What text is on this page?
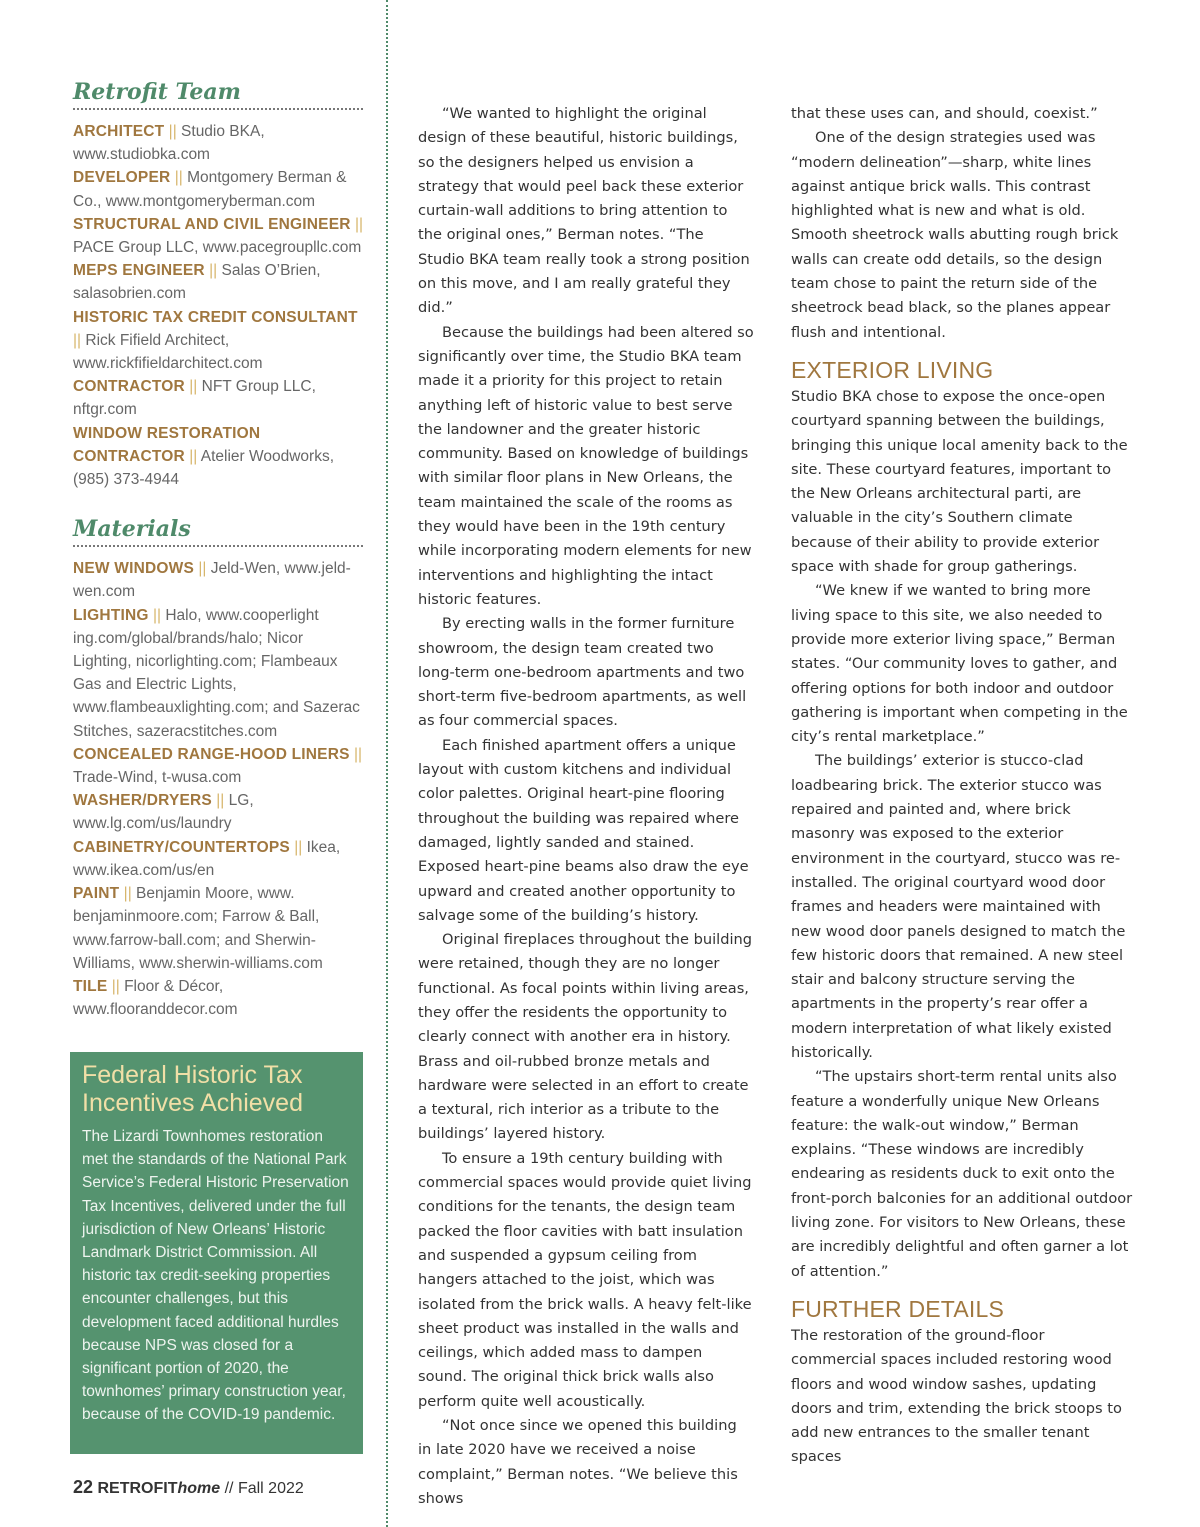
Retrofit Team
ARCHITECT || Studio BKA, www.studiobka.com
DEVELOPER || Montgomery Berman & Co., www.montgomeryberman.com
STRUCTURAL AND CIVIL ENGINEER || PACE Group LLC, www.pacegroupllc.com
MEPS ENGINEER || Salas O’Brien, salasobrien.com
HISTORIC TAX CREDIT CONSULTANT || Rick Fifield Architect, www.rickfifieldarchitect.com
CONTRACTOR || NFT Group LLC, nftgr.com
WINDOW RESTORATION CONTRACTOR || Atelier Woodworks, (985) 373-4944
Materials
NEW WINDOWS || Jeld-Wen, www.jeld-wen.com
LIGHTING || Halo, www.cooperlight ing.com/global/brands/halo; Nicor Lighting, nicorlighting.com; Flambeaux Gas and Electric Lights, www.flambeauxlighting.com; and Sazerac Stitches, sazeracstitches.com
CONCEALED RANGE-HOOD LINERS || Trade-Wind, t-wusa.com
WASHER/DRYERS || LG, www.lg.com/us/laundry
CABINETRY/COUNTERTOPS || Ikea, www.ikea.com/us/en
PAINT || Benjamin Moore, www. benjaminmoore.com; Farrow & Ball, www.farrow-ball.com; and Sherwin-Williams, www.sherwin-williams.com
TILE || Floor & Décor, www.flooranddecor.com
Federal Historic Tax Incentives Achieved

The Lizardi Townhomes restoration met the standards of the National Park Service’s Federal Historic Preservation Tax Incentives, delivered under the full jurisdiction of New Orleans’ Historic Landmark District Commission. All historic tax credit-seeking properties encounter challenges, but this development faced additional hurdles because NPS was closed for a significant portion of 2020, the townhomes’ primary construction year, because of the COVID-19 pandemic.

22 RETROFIThome // Fall 2022

“We wanted to highlight the original design of these beautiful, historic buildings, so the designers helped us envision a strategy that would peel back these exterior curtain-wall additions to bring attention to the original ones,” Berman notes. “The Studio BKA team really took a strong position on this move, and I am really grateful they did.”

Because the buildings had been altered so significantly over time, the Studio BKA team made it a priority for this project to retain anything left of historic value to best serve the landowner and the greater historic community. Based on knowledge of buildings with similar floor plans in New Orleans, the team maintained the scale of the rooms as they would have been in the 19th century while incorporating modern elements for new interventions and highlighting the intact historic features.

By erecting walls in the former furniture showroom, the design team created two long-term one-bedroom apartments and two short-term five-bedroom apartments, as well as four commercial spaces.

Each finished apartment offers a unique layout with custom kitchens and individual color palettes. Original heart-pine flooring throughout the building was repaired where damaged, lightly sanded and stained. Exposed heart-pine beams also draw the eye upward and created another opportunity to salvage some of the building’s history.

Original fireplaces throughout the building were retained, though they are no longer functional. As focal points within living areas, they offer the residents the opportunity to clearly connect with another era in history. Brass and oil-rubbed bronze metals and hardware were selected in an effort to create a textural, rich interior as a tribute to the buildings’ layered history.

To ensure a 19th century building with commercial spaces would provide quiet living conditions for the tenants, the design team packed the floor cavities with batt insulation and suspended a gypsum ceiling from hangers attached to the joist, which was isolated from the brick walls. A heavy felt-like sheet product was installed in the walls and ceilings, which added mass to dampen sound. The original thick brick walls also perform quite well acoustically.

“Not once since we opened this building in late 2020 have we received a noise complaint,” Berman notes. “We believe this shows

that these uses can, and should, coexist.”

One of the design strategies used was “modern delineation”—sharp, white lines against antique brick walls. This contrast highlighted what is new and what is old. Smooth sheetrock walls abutting rough brick walls can create odd details, so the design team chose to paint the return side of the sheetrock bead black, so the planes appear flush and intentional.

EXTERIOR LIVING

Studio BKA chose to expose the once-open courtyard spanning between the buildings, bringing this unique local amenity back to the site. These courtyard features, important to the New Orleans architectural parti, are valuable in the city’s Southern climate because of their ability to provide exterior space with shade for group gatherings.

“We knew if we wanted to bring more living space to this site, we also needed to provide more exterior living space,” Berman states. “Our community loves to gather, and offering options for both indoor and outdoor gathering is important when competing in the city’s rental marketplace.”

The buildings’ exterior is stucco-clad loadbearing brick. The exterior stucco was repaired and painted and, where brick masonry was exposed to the exterior environment in the courtyard, stucco was re-installed. The original courtyard wood door frames and headers were maintained with new wood door panels designed to match the few historic doors that remained. A new steel stair and balcony structure serving the apartments in the property’s rear offer a modern interpretation of what likely existed historically.

“The upstairs short-term rental units also feature a wonderfully unique New Orleans feature: the walk-out window,” Berman explains. “These windows are incredibly endearing as residents duck to exit onto the front-porch balconies for an additional outdoor living zone. For visitors to New Orleans, these are incredibly delightful and often garner a lot of attention.”

FURTHER DETAILS

The restoration of the ground-floor commercial spaces included restoring wood floors and wood window sashes, updating doors and trim, extending the brick stoops to add new entrances to the smaller tenant spaces
